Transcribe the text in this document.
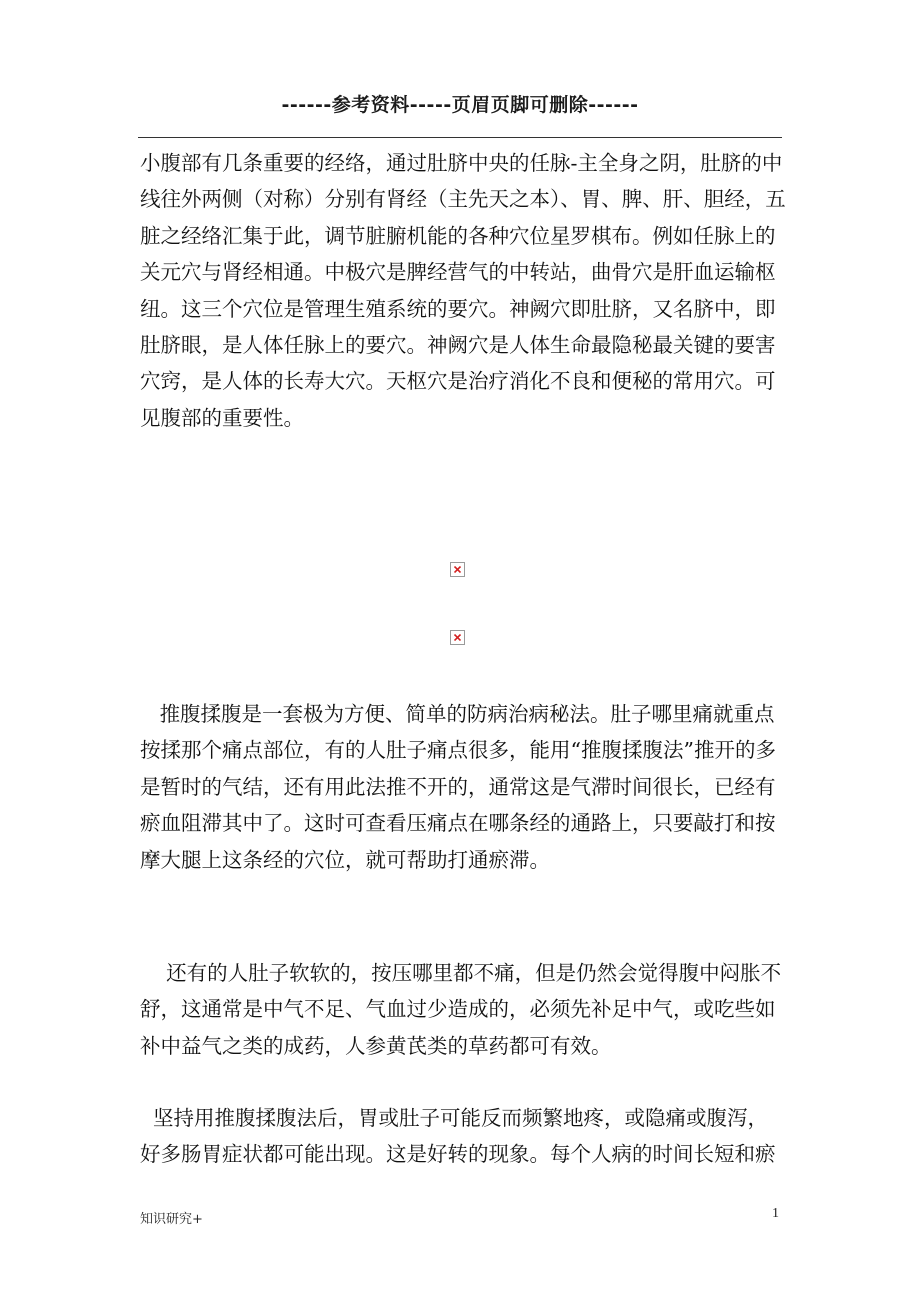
------参考资料-----页眉页脚可删除------

小腹部有几条重要的经络，通过肚脐中央的任脉-主全身之阴，肚脐的中线往外两侧（对称）分别有肾经（主先天之本）、胃、脾、肝、胆经，五脏之经络汇集于此，调节脏腑机能的各种穴位星罗棋布。例如任脉上的关元穴与肾经相通。中极穴是脾经营气的中转站，曲骨穴是肝血运输枢纽。这三个穴位是管理生殖系统的要穴。神阙穴即肚脐，又名脐中，即肚脐眼，是人体任脉上的要穴。神阙穴是人体生命最隐秘最关键的要害穴窍，是人体的长寿大穴。天枢穴是治疗消化不良和便秘的常用穴。可见腹部的重要性。

推腹揉腹是一套极为方便、简单的防病治病秘法。肚子哪里痛就重点按揉那个痛点部位，有的人肚子痛点很多，能用“推腹揉腹法”推开的多是暂时的气结，还有用此法推不开的，通常这是气滞时间很长，已经有瘀血阻滞其中了。这时可查看压痛点在哪条经的通路上，只要敲打和按摩大腿上这条经的穴位，就可帮助打通瘀滞。

还有的人肚子软软的，按压哪里都不痛，但是仍然会觉得腹中闷胀不舒，这通常是中气不足、气血过少造成的，必须先补足中气，或吃些如补中益气之类的成药，人参黄芪类的草药都可有效。

坚持用推腹揉腹法后，胃或肚子可能反而频繁地疼，或隐痛或腹泻，好多肠胃症状都可能出现。这是好转的现象。每个人病的时间长短和瘀

知识研究+	1
